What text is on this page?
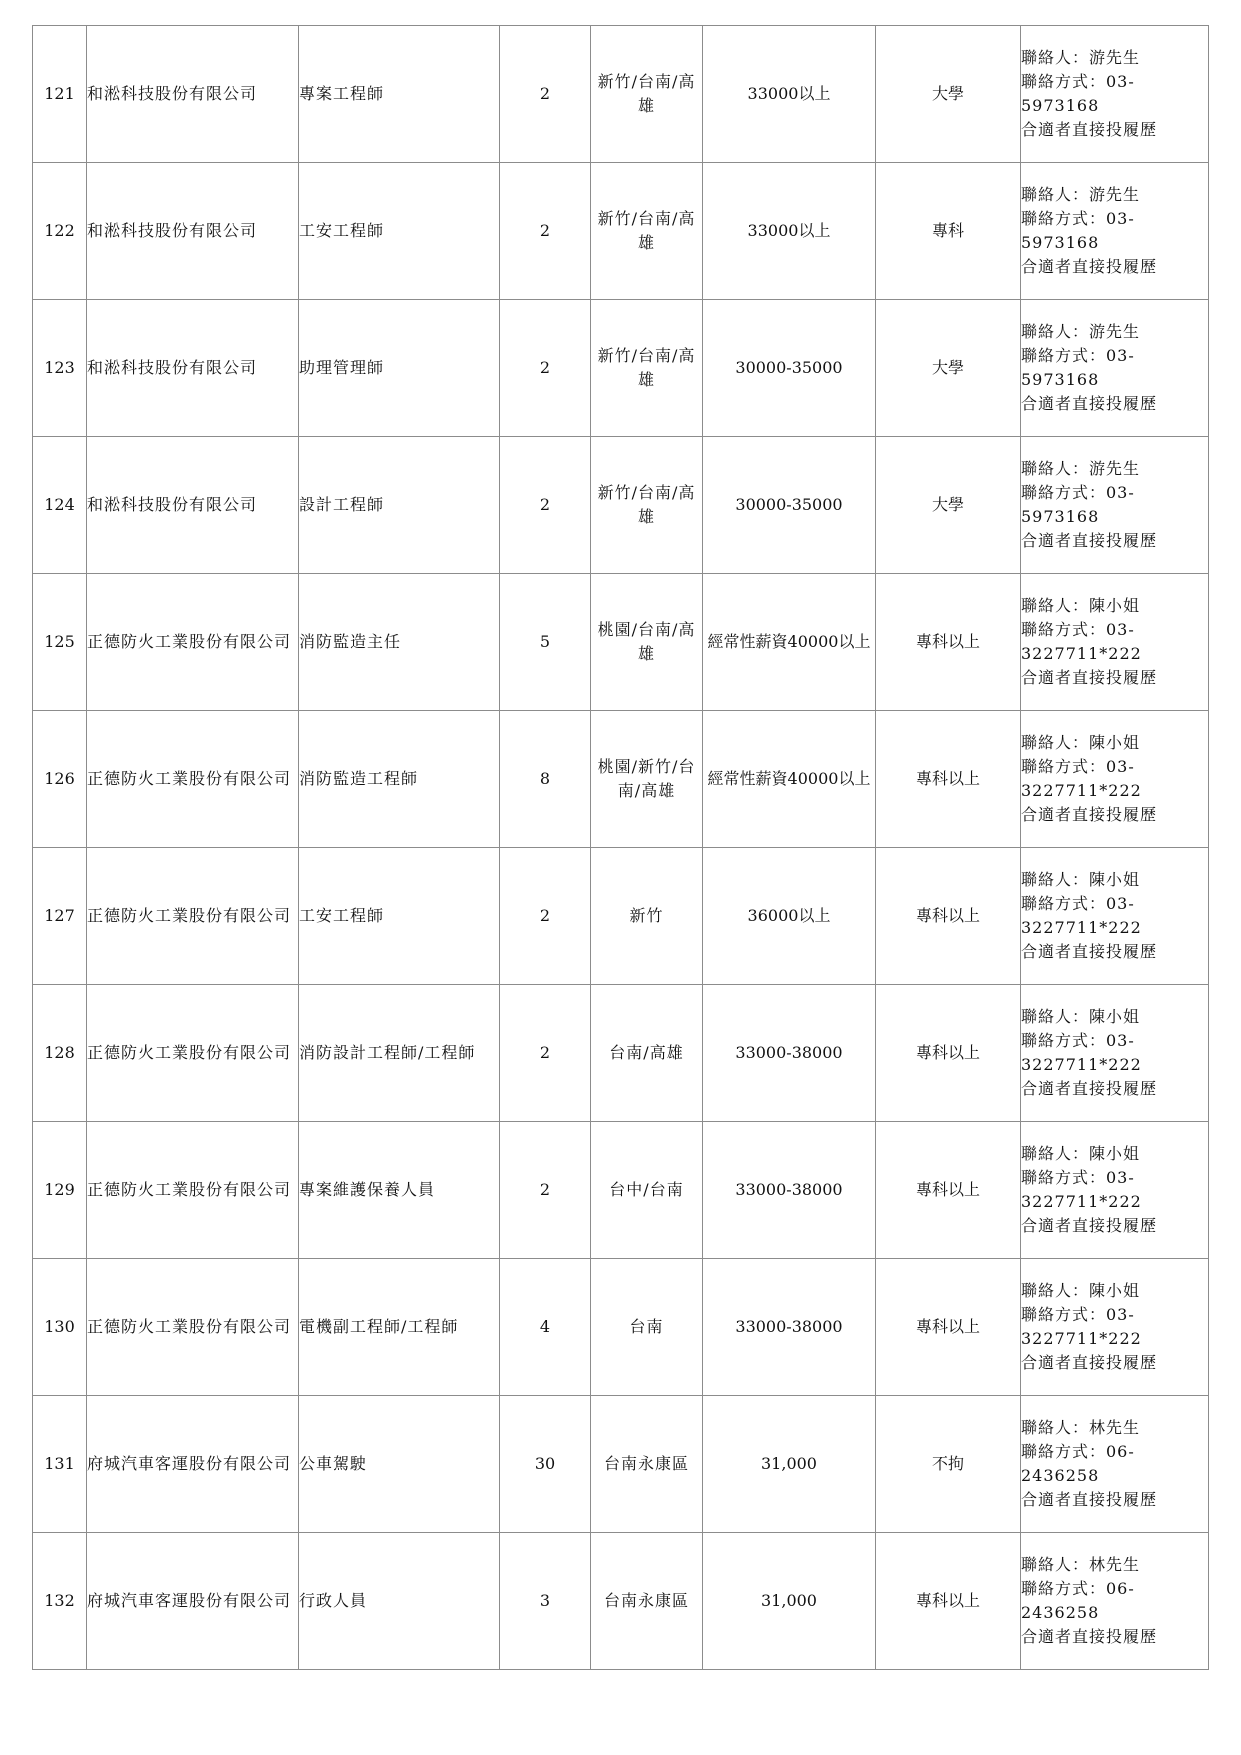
121	和淞科技股份有限公司	專案工程師	2	新竹/台南/高雄	33000以上	大學	聯絡人：游先生
聯絡方式：03-
5973168
合適者直接投履歷

122	和淞科技股份有限公司	工安工程師	2	新竹/台南/高雄	33000以上	專科	聯絡人：游先生
聯絡方式：03-
5973168
合適者直接投履歷

123	和淞科技股份有限公司	助理管理師	2	新竹/台南/高雄	30000-35000	大學	聯絡人：游先生
聯絡方式：03-
5973168
合適者直接投履歷

124	和淞科技股份有限公司	設計工程師	2	新竹/台南/高雄	30000-35000	大學	聯絡人：游先生
聯絡方式：03-
5973168
合適者直接投履歷

125	正德防火工業股份有限公司	消防監造主任	5	桃園/台南/高雄	經常性薪資40000以上	專科以上	聯絡人：陳小姐
聯絡方式：03-
3227711*222
合適者直接投履歷

126	正德防火工業股份有限公司	消防監造工程師	8	桃園/新竹/台南/高雄	經常性薪資40000以上	專科以上	聯絡人：陳小姐
聯絡方式：03-
3227711*222
合適者直接投履歷

127	正德防火工業股份有限公司	工安工程師	2	新竹	36000以上	專科以上	聯絡人：陳小姐
聯絡方式：03-
3227711*222
合適者直接投履歷

128	正德防火工業股份有限公司	消防設計工程師/工程師	2	台南/高雄	33000-38000	專科以上	聯絡人：陳小姐
聯絡方式：03-
3227711*222
合適者直接投履歷

129	正德防火工業股份有限公司	專案維護保養人員	2	台中/台南	33000-38000	專科以上	聯絡人：陳小姐
聯絡方式：03-
3227711*222
合適者直接投履歷

130	正德防火工業股份有限公司	電機副工程師/工程師	4	台南	33000-38000	專科以上	聯絡人：陳小姐
聯絡方式：03-
3227711*222
合適者直接投履歷

131	府城汽車客運股份有限公司	公車駕駛	30	台南永康區	31,000	不拘	聯絡人：林先生
聯絡方式：06-
2436258
合適者直接投履歷

132	府城汽車客運股份有限公司	行政人員	3	台南永康區	31,000	專科以上	聯絡人：林先生
聯絡方式：06-
2436258
合適者直接投履歷
